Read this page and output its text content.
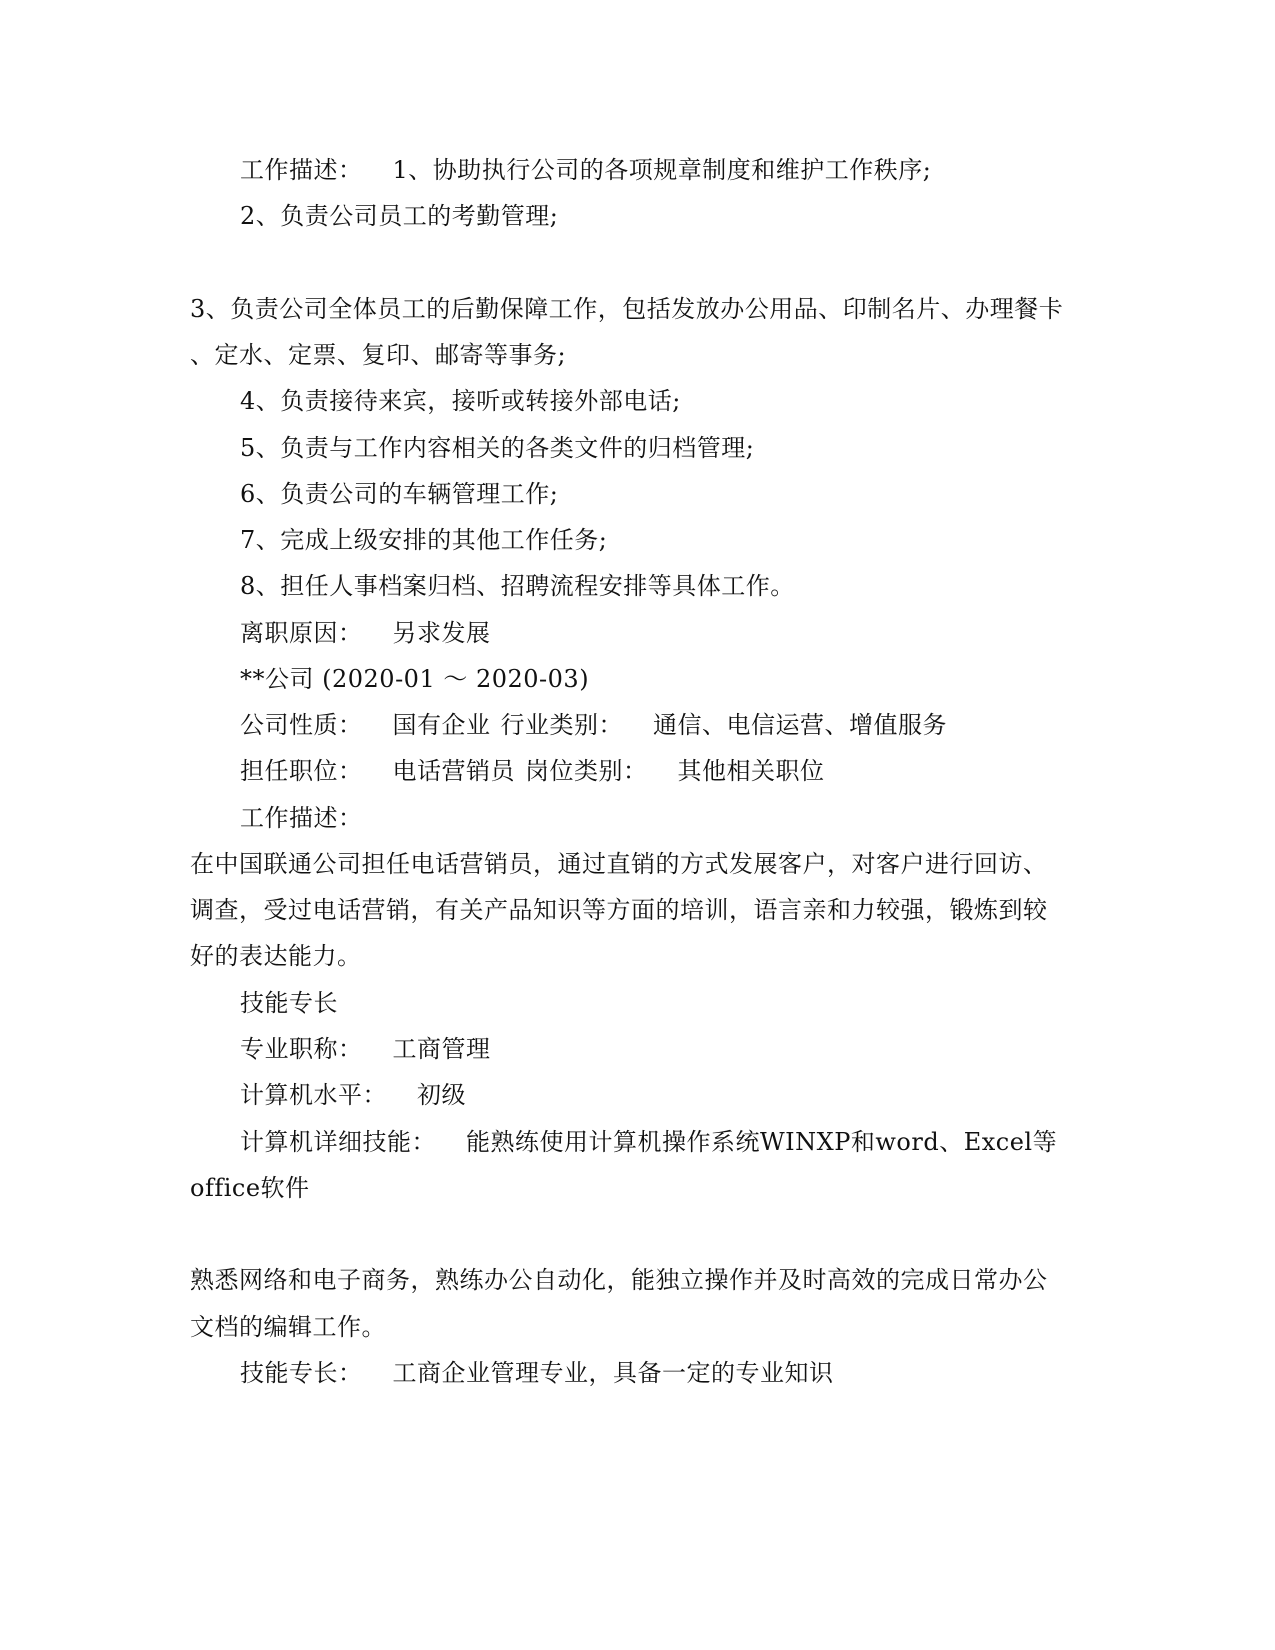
工作描述： 1、协助执行公司的各项规章制度和维护工作秩序;
2、负责公司员工的考勤管理;
3、负责公司全体员工的后勤保障工作，包括发放办公用品、印制名片、办理餐卡
、定水、定票、复印、邮寄等事务;
4、负责接待来宾，接听或转接外部电话;
5、负责与工作内容相关的各类文件的归档管理;
6、负责公司的车辆管理工作;
7、完成上级安排的其他工作任务;
8、担任人事档案归档、招聘流程安排等具体工作。
离职原因： 另求发展
**公司 (2020-01 ～ 2020-03)
公司性质： 国有企业 行业类别： 通信、电信运营、增值服务
担任职位： 电话营销员 岗位类别： 其他相关职位
工作描述：
在中国联通公司担任电话营销员，通过直销的方式发展客户，对客户进行回访、
调查，受过电话营销，有关产品知识等方面的培训，语言亲和力较强，锻炼到较
好的表达能力。
技能专长
专业职称： 工商管理
计算机水平： 初级
计算机详细技能： 能熟练使用计算机操作系统WINXP和word、Excel等
office软件
熟悉网络和电子商务，熟练办公自动化，能独立操作并及时高效的完成日常办公
文档的编辑工作。
技能专长： 工商企业管理专业，具备一定的专业知识
